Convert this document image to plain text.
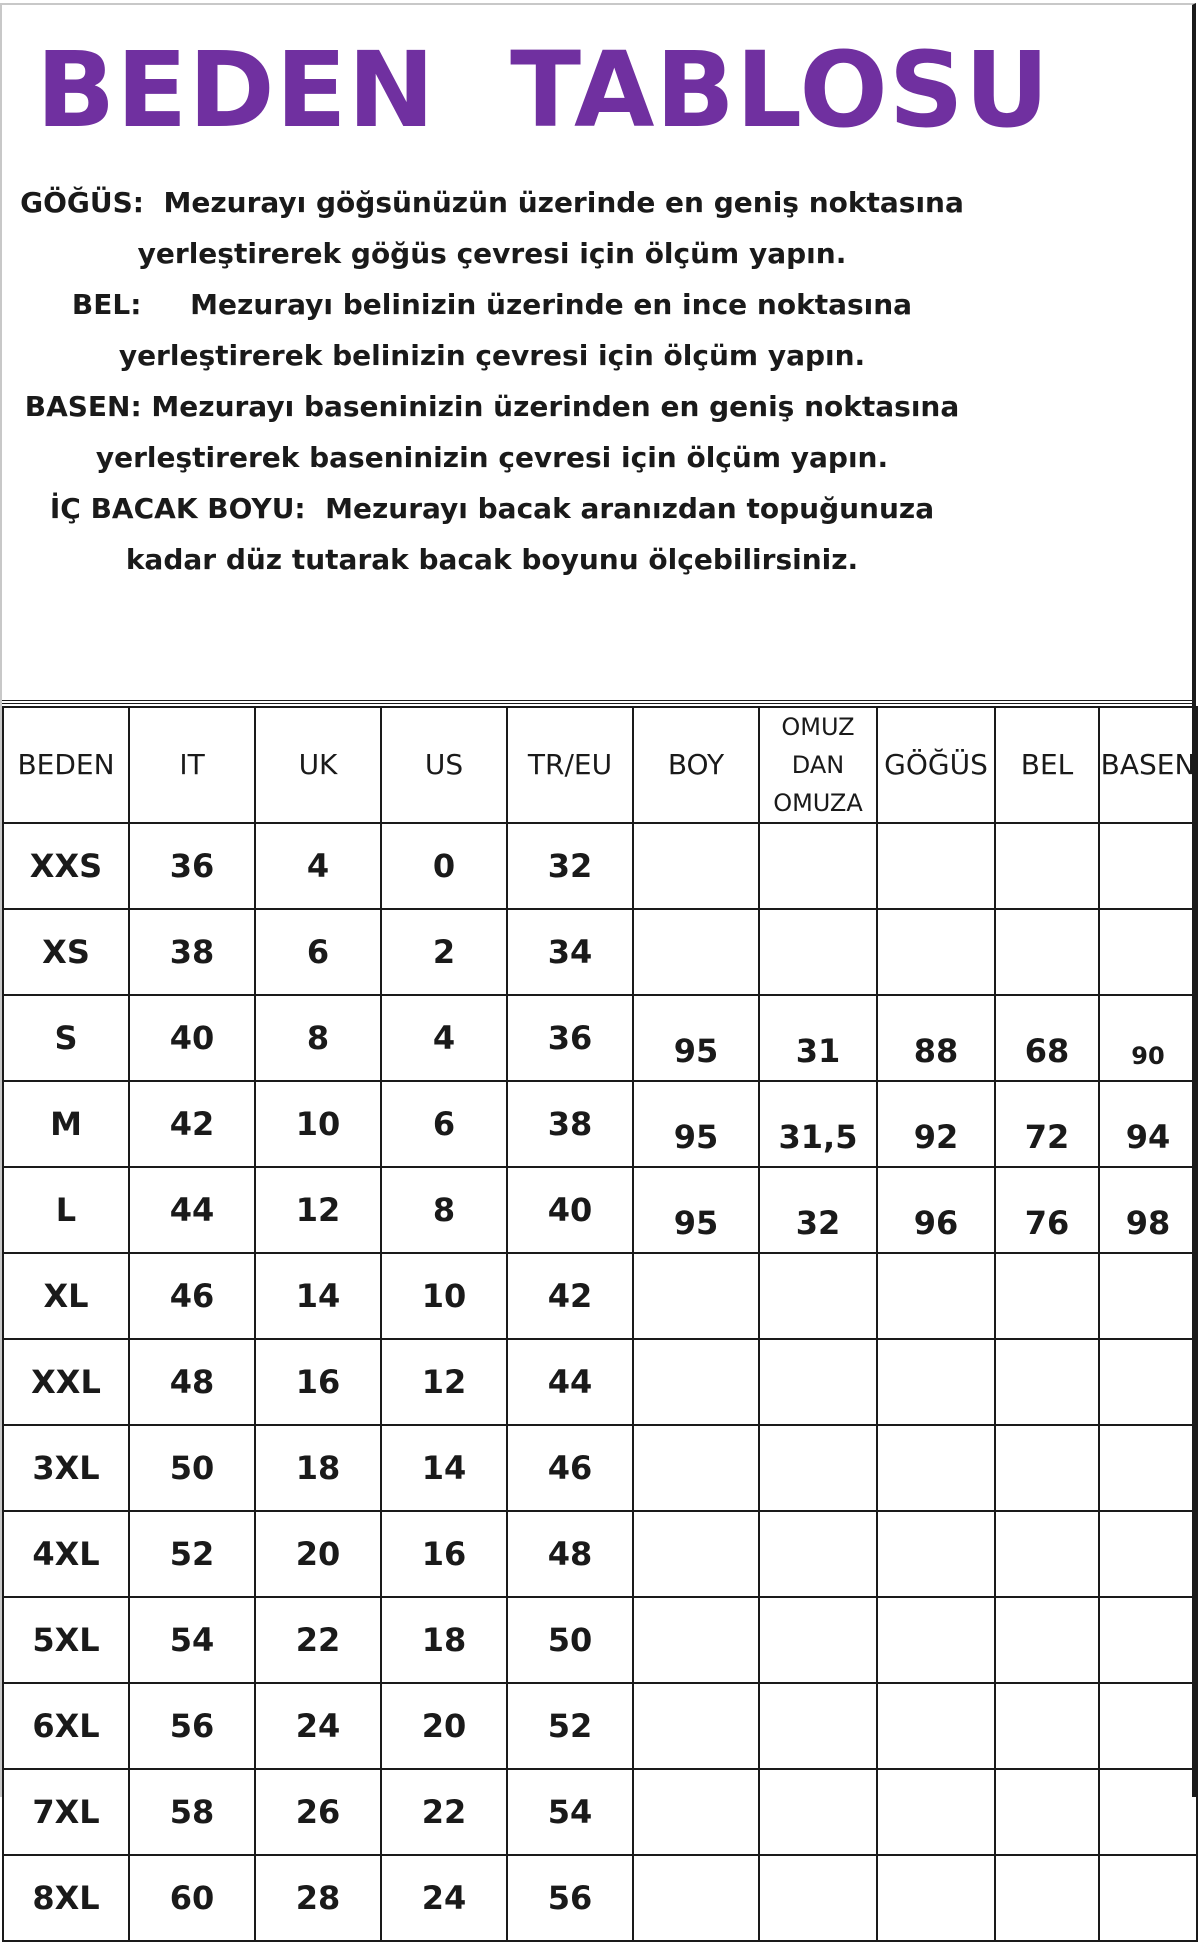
BEDEN  TABLOSU
GÖĞÜS:  Mezurayı göğsünüzün üzerinde en geniş noktasına
yerleştirerek göğüs çevresi için ölçüm yapın.
BEL:     Mezurayı belinizin üzerinde en ince noktasına
yerleştirerek belinizin çevresi için ölçüm yapın.
BASEN: Mezurayı baseninizin üzerinden en geniş noktasına
yerleştirerek baseninizin çevresi için ölçüm yapın.
İÇ BACAK BOYU:  Mezurayı bacak aranızdan topuğunuza
kadar düz tutarak bacak boyunu ölçebilirsiniz.
BEDEN	IT	UK	US	TR/EU	BOY	OMUZ DAN OMUZA	GÖĞÜS	BEL	BASEN
XXS	36	4	0	32					
XS	38	6	2	34					
S	40	8	4	36	95	31	88	68	90
M	42	10	6	38	95	31,5	92	72	94
L	44	12	8	40	95	32	96	76	98
XL	46	14	10	42					
XXL	48	16	12	44					
3XL	50	18	14	46					
4XL	52	20	16	48					
5XL	54	22	18	50					
6XL	56	24	20	52					
7XL	58	26	22	54					
8XL	60	28	24	56					
